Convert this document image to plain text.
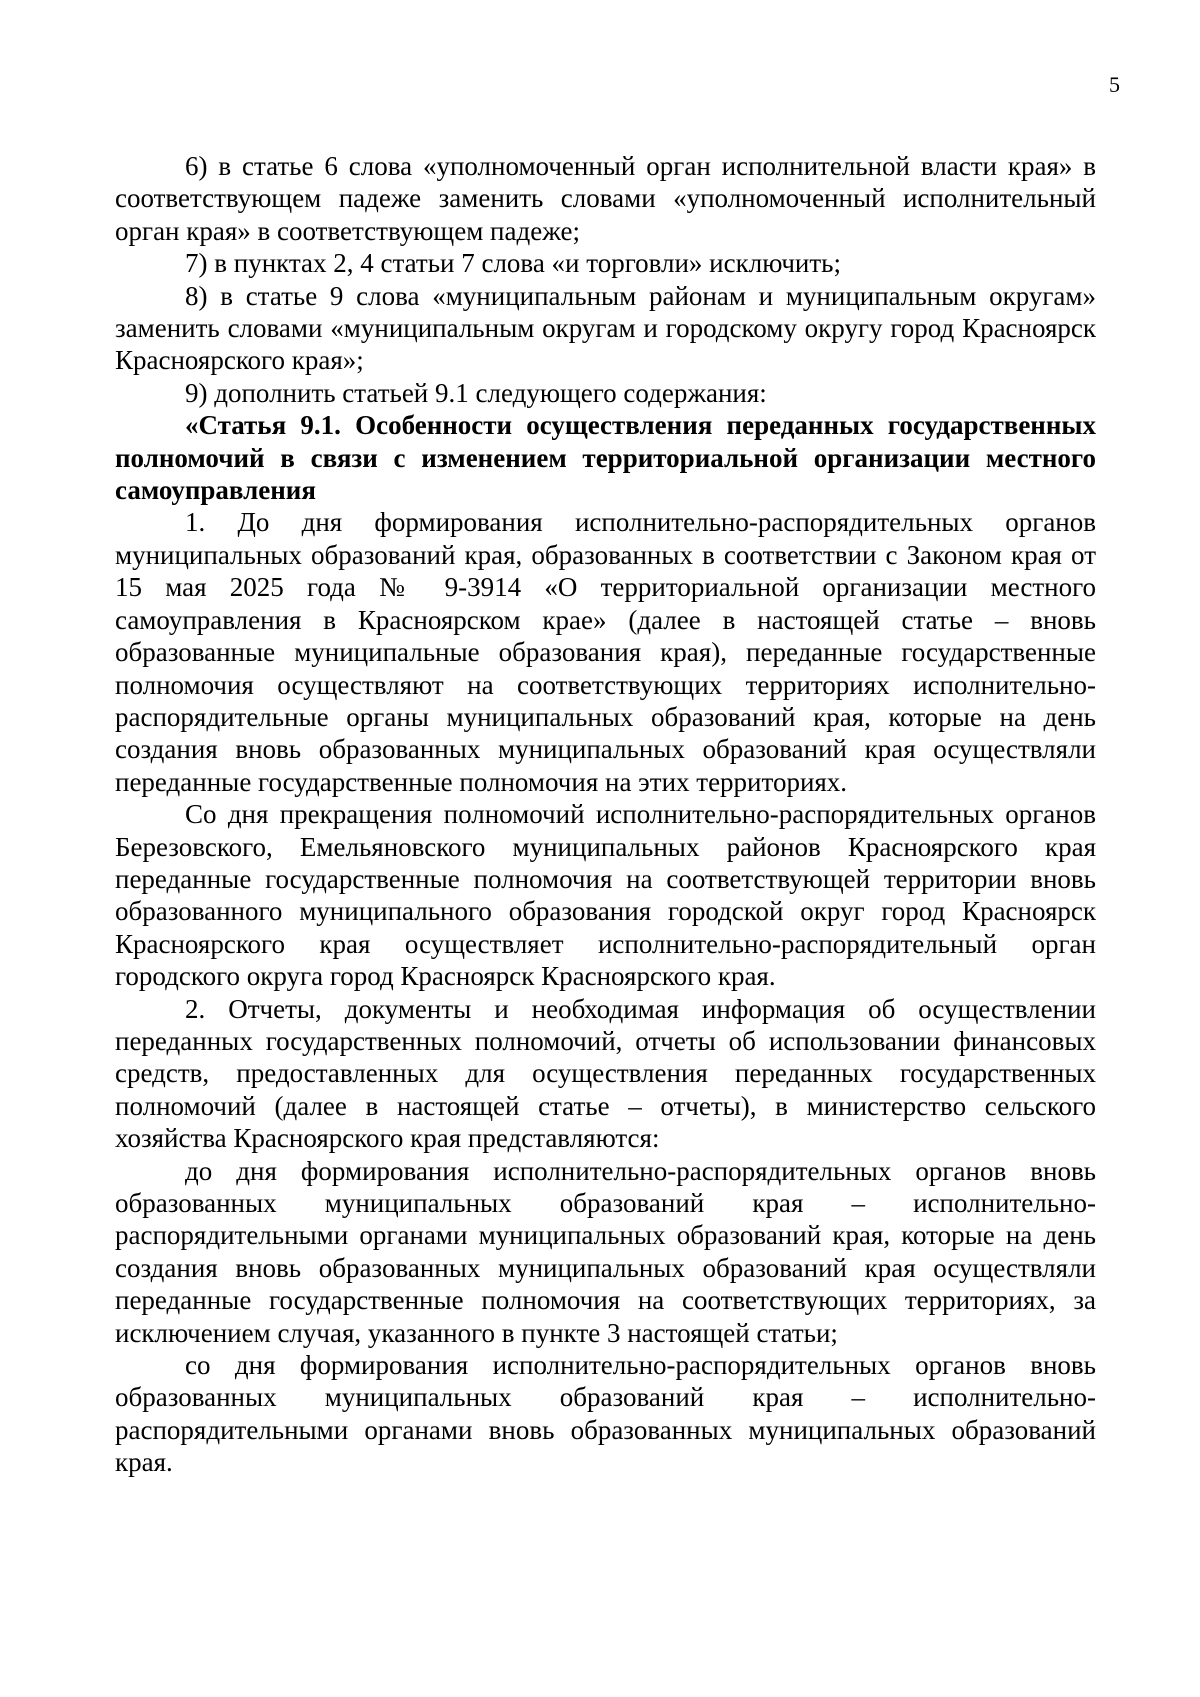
5

6) в статье 6 слова «уполномоченный орган исполнительной власти края» в соответствующем падеже заменить словами «уполномоченный исполнительный орган края» в соответствующем падеже;

7) в пунктах 2, 4 статьи 7 слова «и торговли» исключить;

8) в статье 9 слова «муниципальным районам и муниципальным округам» заменить словами «муниципальным округам и городскому округу город Красноярск Красноярского края»;

9) дополнить статьей 9.1 следующего содержания:

«Статья 9.1. Особенности осуществления переданных государственных полномочий в связи с изменением территориальной организации местного самоуправления

1. До дня формирования исполнительно-распорядительных органов муниципальных образований края, образованных в соответствии с Законом края от 15 мая 2025 года № 9-3914 «О территориальной организации местного самоуправления в Красноярском крае» (далее в настоящей статье – вновь образованные муниципальные образования края), переданные государственные полномочия осуществляют на соответствующих территориях исполнительно-распорядительные органы муниципальных образований края, которые на день создания вновь образованных муниципальных образований края осуществляли переданные государственные полномочия на этих территориях.

Со дня прекращения полномочий исполнительно-распорядительных органов Березовского, Емельяновского муниципальных районов Красноярского края переданные государственные полномочия на соответствующей территории вновь образованного муниципального образования городской округ город Красноярск Красноярского края осуществляет исполнительно-распорядительный орган городского округа город Красноярск Красноярского края.

2. Отчеты, документы и необходимая информация об осуществлении переданных государственных полномочий, отчеты об использовании финансовых средств, предоставленных для осуществления переданных государственных полномочий (далее в настоящей статье – отчеты), в министерство сельского хозяйства Красноярского края представляются:

до дня формирования исполнительно-распорядительных органов вновь образованных муниципальных образований края – исполнительно-распорядительными органами муниципальных образований края, которые на день создания вновь образованных муниципальных образований края осуществляли переданные государственные полномочия на соответствующих территориях, за исключением случая, указанного в пункте 3 настоящей статьи;

со дня формирования исполнительно-распорядительных органов вновь образованных муниципальных образований края – исполнительно-распорядительными органами вновь образованных муниципальных образований края.
